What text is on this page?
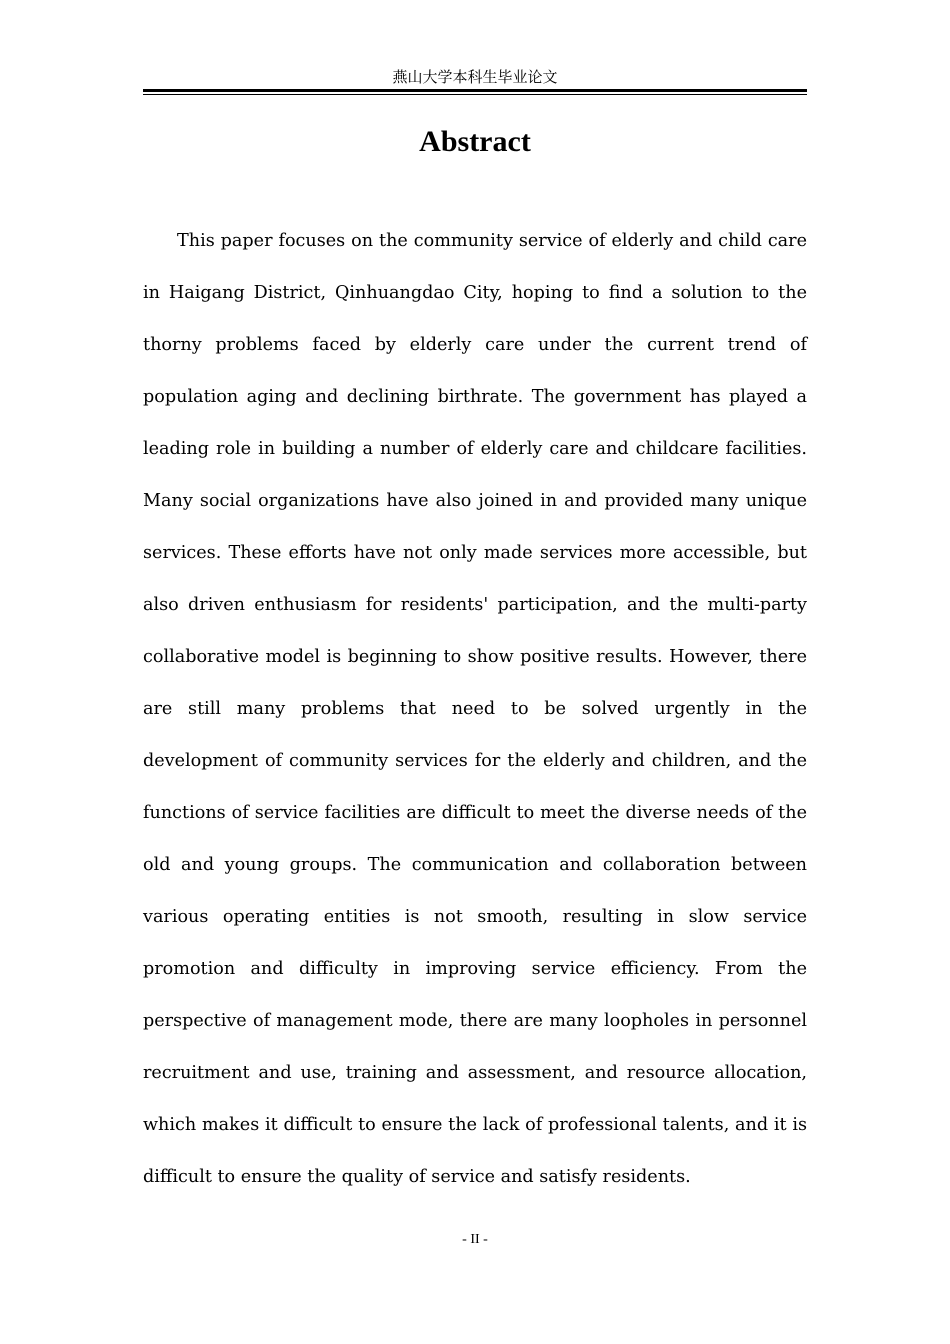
燕山大学本科生毕业论文
Abstract

This paper focuses on the community service of elderly and child care in Haigang District, Qinhuangdao City, hoping to find a solution to the thorny problems faced by elderly care under the current trend of population aging and declining birthrate. The government has played a leading role in building a number of elderly care and childcare facilities. Many social organizations have also joined in and provided many unique services. These efforts have not only made services more accessible, but also driven enthusiasm for residents' participation, and the multi-party collaborative model is beginning to show positive results. However, there are still many problems that need to be solved urgently in the development of community services for the elderly and children, and the functions of service facilities are difficult to meet the diverse needs of the old and young groups. The communication and collaboration between various operating entities is not smooth, resulting in slow service promotion and difficulty in improving service efficiency. From the perspective of management mode, there are many loopholes in personnel recruitment and use, training and assessment, and resource allocation, which makes it difficult to ensure the lack of professional talents, and it is difficult to ensure the quality of service and satisfy residents.

- II -
